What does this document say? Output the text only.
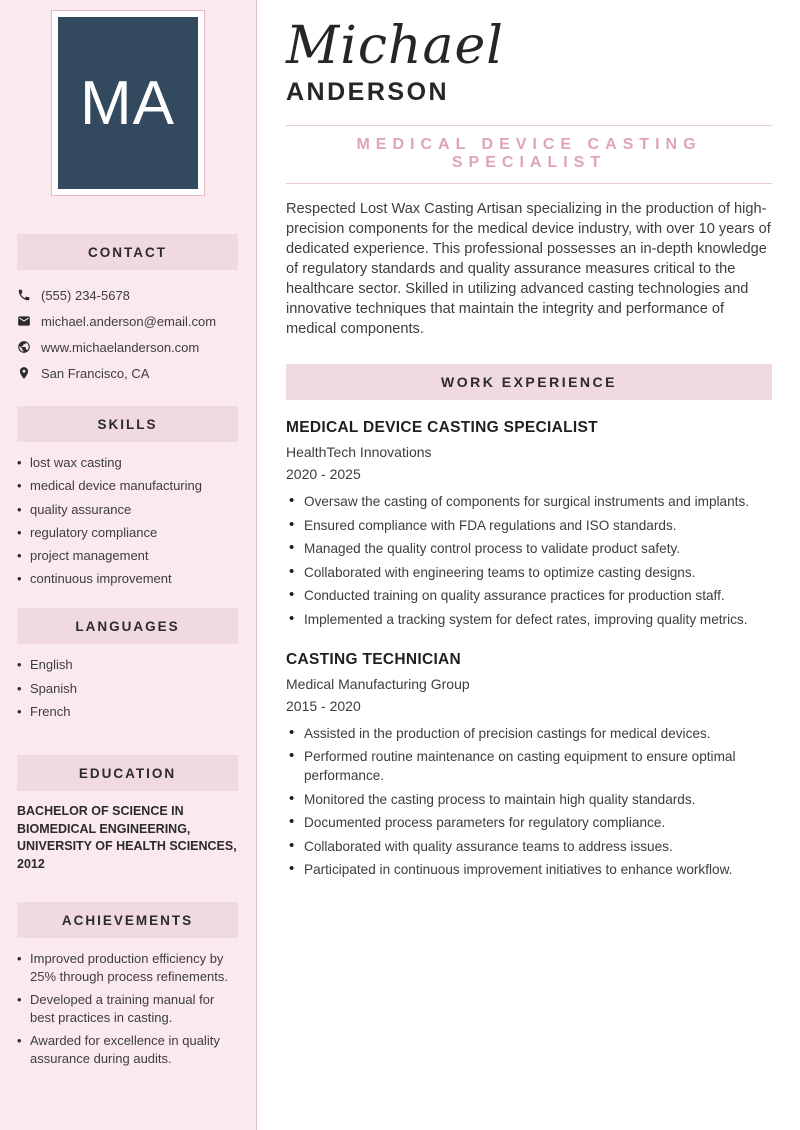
MA
CONTACT
(555) 234-5678
michael.anderson@email.com
www.michaelanderson.com
San Francisco, CA
SKILLS
• lost wax casting
• medical device manufacturing
• quality assurance
• regulatory compliance
• project management
• continuous improvement
LANGUAGES
• English
• Spanish
• French
EDUCATION

BACHELOR OF SCIENCE IN BIOMEDICAL ENGINEERING, UNIVERSITY OF HEALTH SCIENCES, 2012

ACHIEVEMENTS
• Improved production efficiency by 25% through process refinements.
• Developed a training manual for best practices in casting.
• Awarded for excellence in quality assurance during audits.
Michael
ANDERSON
MEDICAL DEVICE CASTING SPECIALIST

Respected Lost Wax Casting Artisan specializing in the production of high-precision components for the medical device industry, with over 10 years of dedicated experience. This professional possesses an in-depth knowledge of regulatory standards and quality assurance measures critical to the healthcare sector. Skilled in utilizing advanced casting technologies and innovative techniques that maintain the integrity and performance of medical components.

WORK EXPERIENCE
MEDICAL DEVICE CASTING SPECIALIST
HealthTech Innovations
2020 - 2025
• Oversaw the casting of components for surgical instruments and implants.
• Ensured compliance with FDA regulations and ISO standards.
• Managed the quality control process to validate product safety.
• Collaborated with engineering teams to optimize casting designs.
• Conducted training on quality assurance practices for production staff.
• Implemented a tracking system for defect rates, improving quality metrics.
CASTING TECHNICIAN
Medical Manufacturing Group
2015 - 2020
• Assisted in the production of precision castings for medical devices.
• Performed routine maintenance on casting equipment to ensure optimal performance.
• Monitored the casting process to maintain high quality standards.
• Documented process parameters for regulatory compliance.
• Collaborated with quality assurance teams to address issues.
• Participated in continuous improvement initiatives to enhance workflow.
